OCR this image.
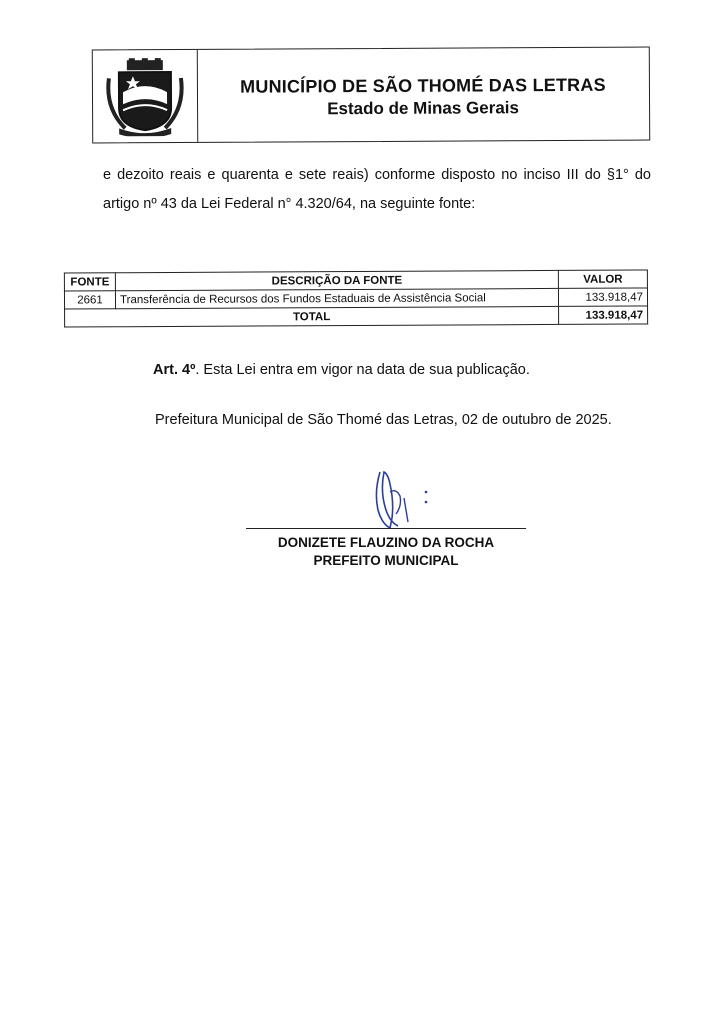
MUNICÍPIO DE SÃO THOMÉ DAS LETRAS
Estado de Minas Gerais
e dezoito reais e quarenta e sete reais) conforme disposto no inciso III do §1° do
artigo nº 43 da Lei Federal n° 4.320/64, na seguinte fonte:
FONTE	DESCRIÇÃO DA FONTE	VALOR
2661	Transferência de Recursos dos Fundos Estaduais de Assistência Social	133.918,47
TOTAL		133.918,47
Art. 4º. Esta Lei entra em vigor na data de sua publicação.
Prefeitura Municipal de São Thomé das Letras, 02 de outubro de 2025.
DONIZETE FLAUZINO DA ROCHA
PREFEITO MUNICIPAL
